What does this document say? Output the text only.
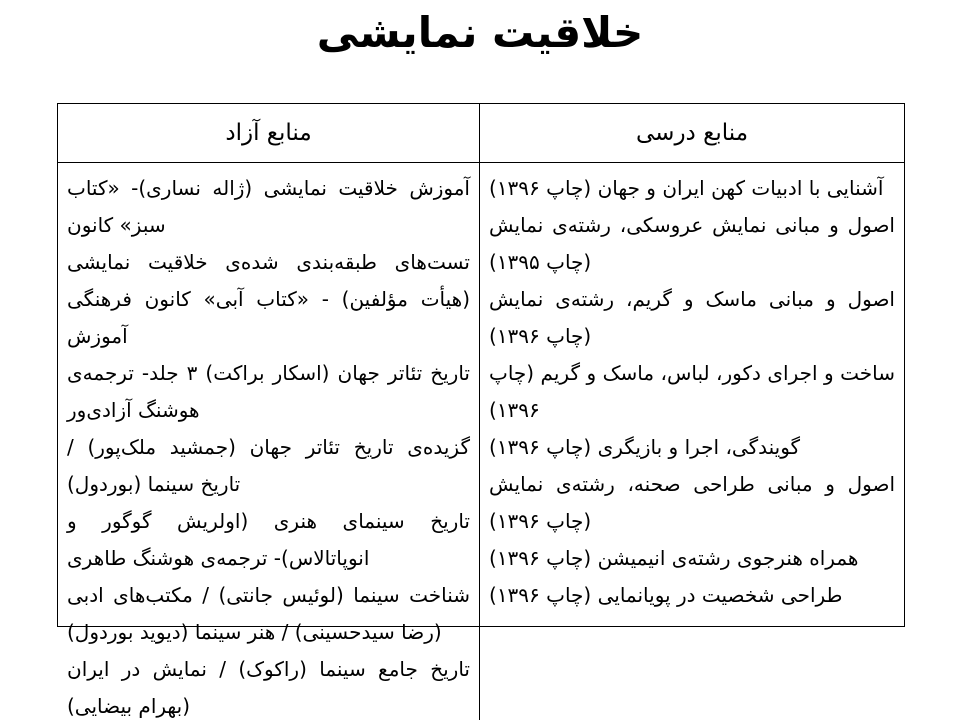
خلاقیت نمایشی
منابع آزاد	منابع درسی

آموزش خلاقیت نمایشی (ژاله نساری)- «کتاب سبز» کانون

تست‌های طبقه‌بندی شده‌ی خلاقیت نمایشی (هیأت مؤلفین) - «کتاب آبی» کانون فرهنگی آموزش

تاریخ تئاتر جهان (اسکار براکت) ۳ جلد- ترجمه‌ی هوشنگ آزادی‌ور

گزیده‌ی تاریخ تئاتر جهان (جمشید ملک‌پور) / تاریخ سینما (بوردول)

تاریخ سینمای هنری (اولریش گوگور و انوپاتالاس)- ترجمه‌ی هوشنگ طاهری

شناخت سینما (لوئیس جانتی) / مکتب‌های ادبی (رضا سیدحسینی) / هنر سینما (دیوید بوردول)

تاریخ جامع سینما (راکوک) / نمایش در ایران (بهرام بیضایی)

آشنایی با ادبیات کهن ایران و جهان (چاپ ۱۳۹۶)

اصول و مبانی نمایش عروسکی، رشته‌ی نمایش (چاپ ۱۳۹۵)

اصول و مبانی ماسک و گریم، رشته‌ی نمایش (چاپ ۱۳۹۶)

ساخت و اجرای دکور، لباس، ماسک و گریم (چاپ ۱۳۹۶)

گویندگی، اجرا و بازیگری (چاپ ۱۳۹۶)

اصول و مبانی طراحی صحنه، رشته‌ی نمایش (چاپ ۱۳۹۶)

همراه هنرجوی رشته‌ی انیمیشن (چاپ ۱۳۹۶)

طراحی شخصیت در پویانمایی (چاپ ۱۳۹۶)
